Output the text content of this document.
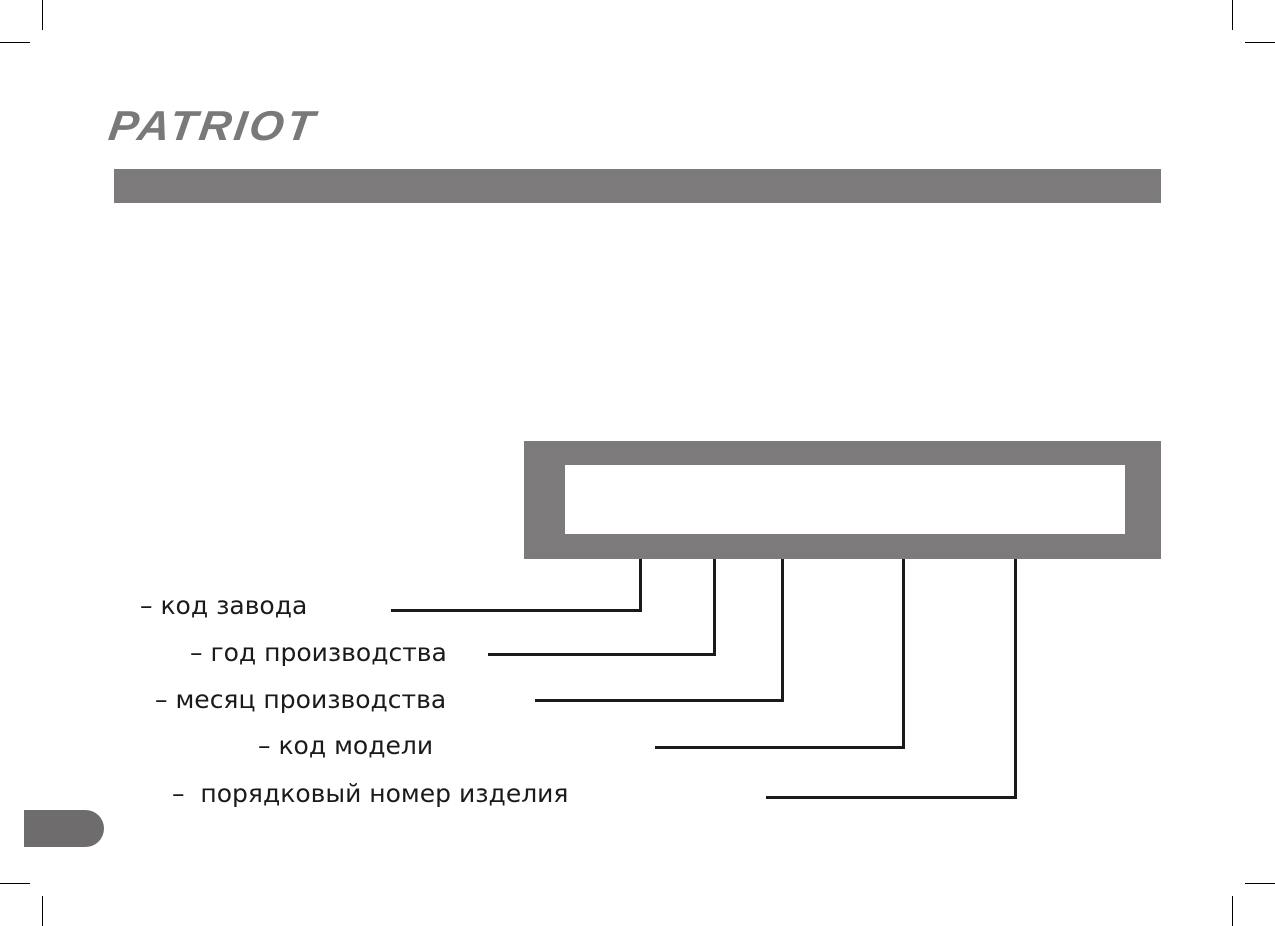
PATRIOT
– код завода
– год производства
– месяц производства
– код модели
–  порядковый номер изделия
